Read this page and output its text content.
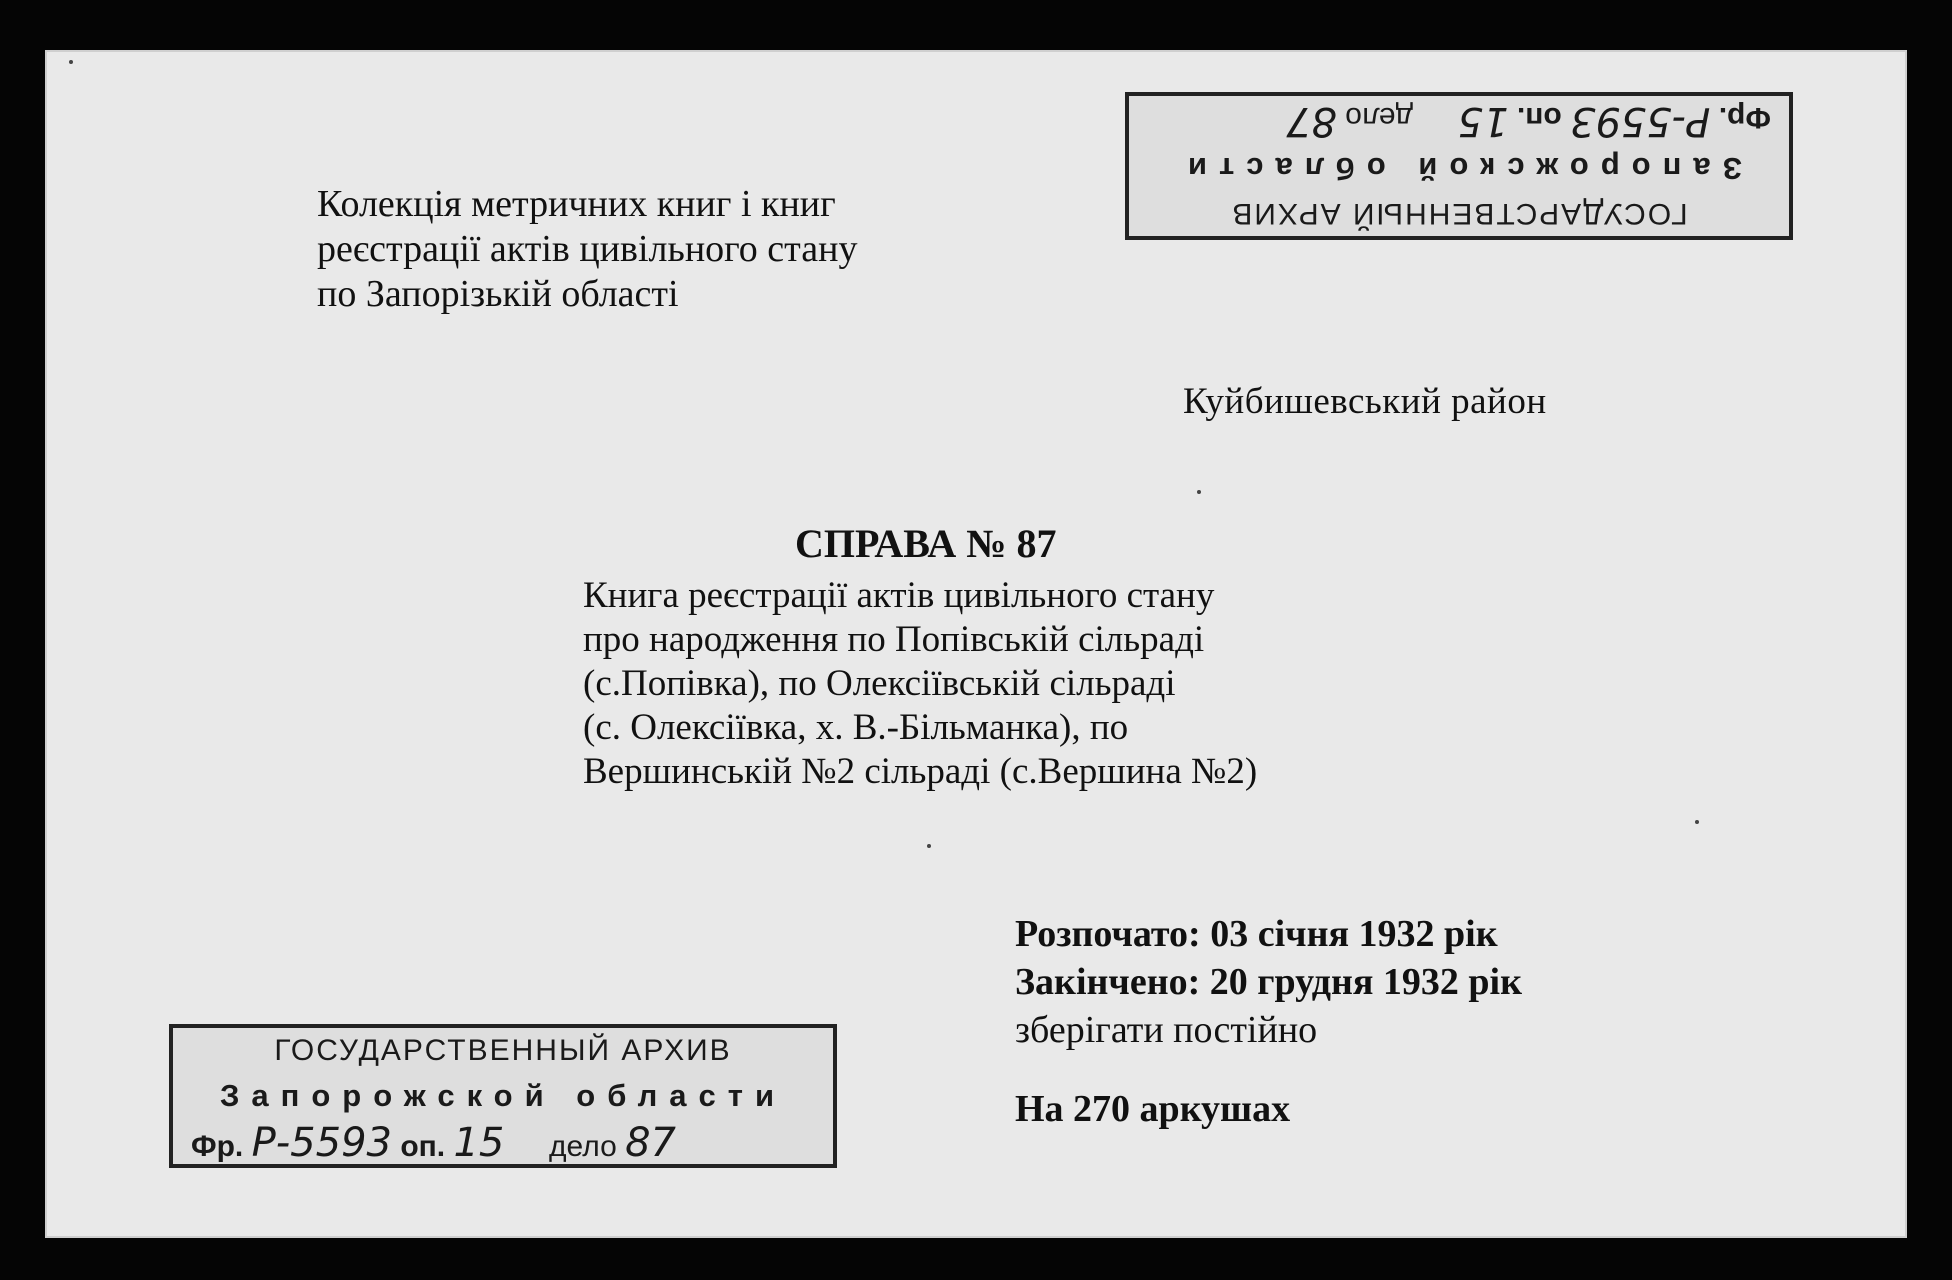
Колекція метричних книг і книг
реєстрації актів цивільного стану
по Запорізькій області
Куйбишевський район
СПРАВА № 87
Книга реєстрації актів цивільного стану
про народження по Попівській сільраді
(с.Попівка), по Олексіївській сільраді
(с. Олексіївка, х. В.-Більманка), по
Вершинській №2 сільраді (с.Вершина №2)
Розпочато: 03 січня 1932 рік
Закінчено: 20 грудня 1932 рік
зберігати постійно
На 270 аркушах
ГОСУДАРСТВЕННЫЙ АРХИВ
Запорожской области
Фр. Р-5593 оп. 15  дело 87
ГОСУДАРСТВЕННЫЙ АРХИВ
Запорожской области
Фр. Р-5593 оп. 15 дело 87
